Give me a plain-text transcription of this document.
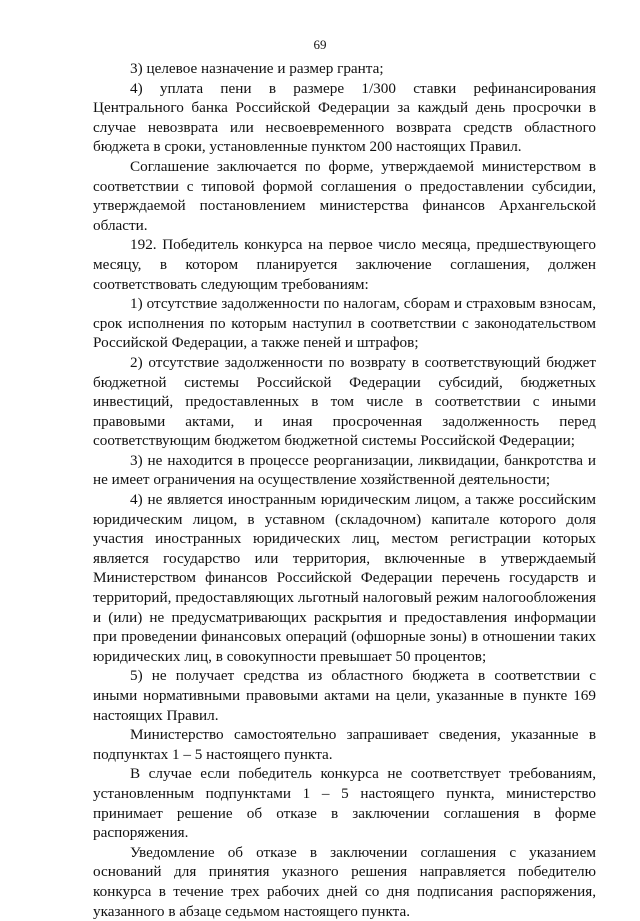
69

3) целевое назначение и размер гранта;

4) уплата пени в размере 1/300 ставки рефинансирования Центрального банка Российской Федерации за каждый день просрочки в случае невозврата или несвоевременного возврата средств областного бюджета в сроки, установленные пунктом 200 настоящих Правил.

Соглашение заключается по форме, утверждаемой министерством в соответствии с типовой формой соглашения о предоставлении субсидии, утверждаемой постановлением министерства финансов Архангельской области.

192. Победитель конкурса на первое число месяца, предшествующего месяцу, в котором планируется заключение соглашения, должен соответствовать следующим требованиям:

1) отсутствие задолженности по налогам, сборам и страховым взносам, срок исполнения по которым наступил в соответствии с законодательством Российской Федерации, а также пеней и штрафов;

2) отсутствие задолженности по возврату в соответствующий бюджет бюджетной системы Российской Федерации субсидий, бюджетных инвестиций, предоставленных в том числе в соответствии с иными правовыми актами, и иная просроченная задолженность перед соответствующим бюджетом бюджетной системы Российской Федерации;

3) не находится в процессе реорганизации, ликвидации, банкротства и не имеет ограничения на осуществление хозяйственной деятельности;

4) не является иностранным юридическим лицом, а также российским юридическим лицом, в уставном (складочном) капитале которого доля участия иностранных юридических лиц, местом регистрации которых является государство или территория, включенные в утверждаемый Министерством финансов Российской Федерации перечень государств и территорий, предоставляющих льготный налоговый режим налогообложения и (или) не предусматривающих раскрытия и предоставления информации при проведении финансовых операций (офшорные зоны) в отношении таких юридических лиц, в совокупности превышает 50 процентов;

5) не получает средства из областного бюджета в соответствии с иными нормативными правовыми актами на цели, указанные в пункте 169 настоящих Правил.

Министерство самостоятельно запрашивает сведения, указанные в подпунктах 1 – 5 настоящего пункта.

В случае если победитель конкурса не соответствует требованиям, установленным подпунктами 1 – 5 настоящего пункта, министерство принимает решение об отказе в заключении соглашения в форме распоряжения.

Уведомление об отказе в заключении соглашения с указанием оснований для принятия указного решения направляется победителю конкурса в течение трех рабочих дней со дня подписания распоряжения, указанного в абзаце седьмом настоящего пункта.
